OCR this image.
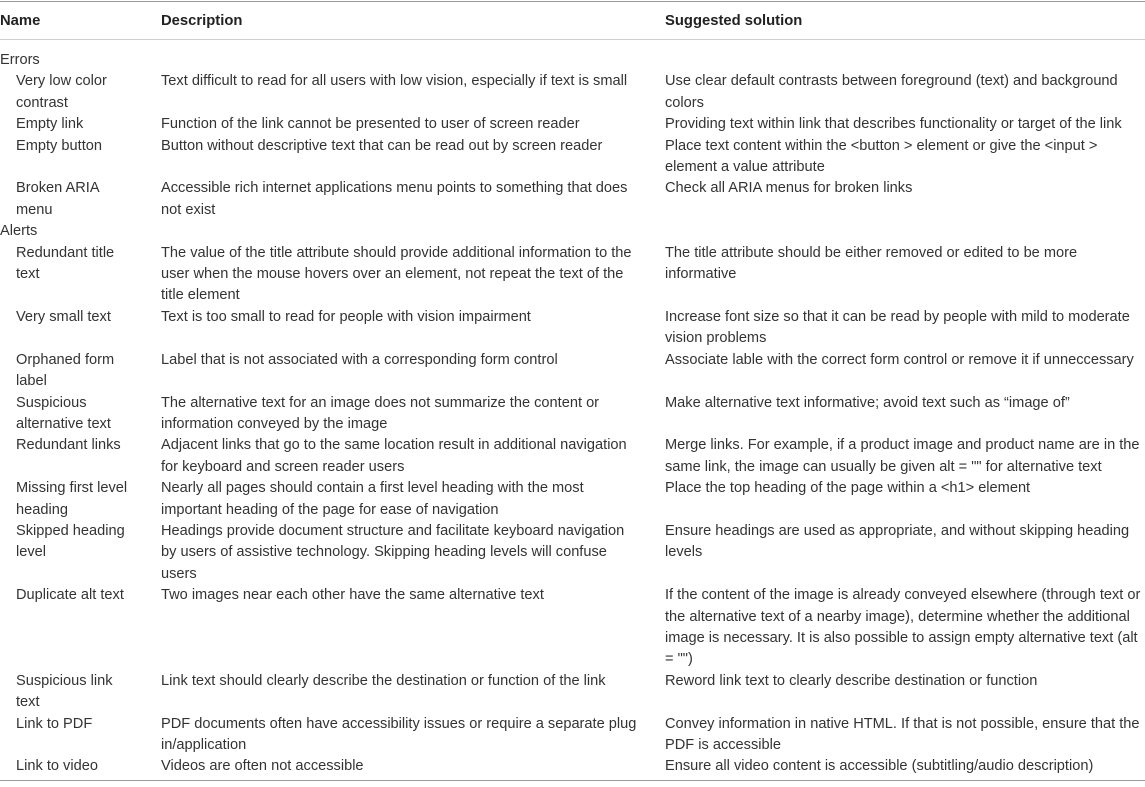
Name	Description	Suggested solution
Errors		
Very low color
contrast	Text difficult to read for all users with low vision, especially if text is small	Use clear default contrasts between foreground (text) and background
colors
Empty link	Function of the link cannot be presented to user of screen reader	Providing text within link that describes functionality or target of the link
Empty button	Button without descriptive text that can be read out by screen reader	Place text content within the <button > element or give the <input >
element a value attribute
Broken ARIA
menu	Accessible rich internet applications menu points to something that does
not exist	Check all ARIA menus for broken links
Alerts		
Redundant title
text	The value of the title attribute should provide additional information to the
user when the mouse hovers over an element, not repeat the text of the
title element	The title attribute should be either removed or edited to be more
informative
Very small text	Text is too small to read for people with vision impairment	Increase font size so that it can be read by people with mild to moderate
vision problems
Orphaned form
label	Label that is not associated with a corresponding form control	Associate lable with the correct form control or remove it if unneccessary
Suspicious
alternative text	The alternative text for an image does not summarize the content or
information conveyed by the image	Make alternative text informative; avoid text such as “image of”
Redundant links	Adjacent links that go to the same location result in additional navigation
for keyboard and screen reader users	Merge links. For example, if a product image and product name are in the
same link, the image can usually be given alt = "" for alternative text
Missing first level
heading	Nearly all pages should contain a first level heading with the most
important heading of the page for ease of navigation	Place the top heading of the page within a <h1> element
Skipped heading
level	Headings provide document structure and facilitate keyboard navigation
by users of assistive technology. Skipping heading levels will confuse
users	Ensure headings are used as appropriate, and without skipping heading
levels
Duplicate alt text	Two images near each other have the same alternative text	If the content of the image is already conveyed elsewhere (through text or
the alternative text of a nearby image), determine whether the additional
image is necessary. It is also possible to assign empty alternative text (alt
= "")
Suspicious link
text	Link text should clearly describe the destination or function of the link	Reword link text to clearly describe destination or function
Link to PDF	PDF documents often have accessibility issues or require a separate plug
in/application	Convey information in native HTML. If that is not possible, ensure that the
PDF is accessible
Link to video	Videos are often not accessible	Ensure all video content is accessible (subtitling/audio description)
